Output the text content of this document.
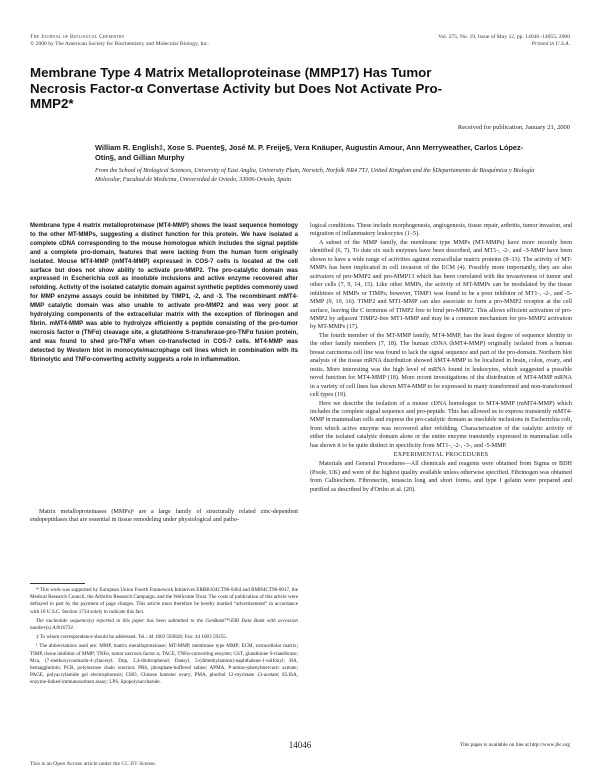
The Journal of Biological Chemistry
© 2000 by The American Society for Biochemistry and Molecular Biology, Inc.
Vol. 275, No. 19, Issue of May 12, pp. 14046–14055, 2000
Printed in U.S.A.
Membrane Type 4 Matrix Metalloproteinase (MMP17) Has Tumor Necrosis Factor-α Convertase Activity but Does Not Activate Pro-MMP2*
Received for publication, January 21, 2000
William R. English‡, Xose S. Puente§, José M. P. Freije§, Vera Knäuper, Augustin Amour, Ann Merryweather, Carlos López-Otín§, and Gillian Murphy
From the School of Biological Sciences, University of East Anglia, University Plain, Norwich, Norfolk NR4 7TJ, United Kingdom and the §Departamento de Bioquímica y Biología Molecular, Facultad de Medicina, Universidad de Oviedo, 33006-Oviedo, Spain
Membrane type 4 matrix metalloproteinase (MT4-MMP) shows the least sequence homology to the other MT-MMPs, suggesting a distinct function for this protein. We have isolated a complete cDNA corresponding to the mouse homologue which includes the signal peptide and a complete pro-domain, features that were lacking from the human form originally isolated. Mouse MT4-MMP (mMT4-MMP) expressed in COS-7 cells is located at the cell surface but does not show ability to activate pro-MMP2. The pro-catalytic domain was expressed in Escherichia coli as insoluble inclusions and active enzyme recovered after refolding. Activity of the isolated catalytic domain against synthetic peptides commonly used for MMP enzyme assays could be inhibited by TIMP1, -2, and -3. The recombinant mMT4-MMP catalytic domain was also unable to activate pro-MMP2 and was very poor at hydrolyzing components of the extracellular matrix with the exception of fibrinogen and fibrin. mMT4-MMP was able to hydrolyze efficiently a peptide consisting of the pro-tumor necrosis factor α (TNFα) cleavage site, a glutathione S-transferase-pro-TNFα fusion protein, and was found to shed pro-TNFα when co-transfected in COS-7 cells. MT4-MMP was detected by Western blot in monocyte/macrophage cell lines which in combination with its fibrinolytic and TNFα-converting activity suggests a role in inflammation.

Matrix metalloproteinases (MMPs)¹ are a large family of structurally related zinc-dependent endopeptidases that are essential in tissue remodeling under physiological and patho-

* This work was supported by European Union Fourth Framework Initiatives ERBB104CT96-0464 and BMH4CT96-0017, the Medical Research Council, the Arthritis Research Campaign, and the Wellcome Trust. The costs of publication of this article were defrayed in part by the payment of page charges. This article must therefore be hereby marked “advertisement” in accordance with 18 U.S.C. Section 1734 solely to indicate this fact.

The nucleotide sequence(s) reported in this paper has been submitted to the GenBank™/EBI Data Bank with accession number(s) AJ010731.

‡ To whom correspondence should be addressed. Tel.: 44 1603 593828; Fax: 44 1603 59255.

¹ The abbreviations used are: MMP, matrix metalloproteinase; MT-MMP, membrane type MMP; ECM, extracellular matrix; TIMP, tissue inhibitor of MMP; TNFα, tumor necrosis factor α; TACE, TNFα-converting enzyme; GST, glutathione S-transferase; Mca, (7-methoxycoumarin-4-yl)acetyl; Dnp, 2,4-dinitrophenol; Dansyl, 5-(dimethylamino)-naphthalene-1-sulfonyl; HA, hemagglutinin; PCR, polymerase chain reaction; PBS, phosphate-buffered saline; APMA, P-amino-phenylmercuric acetate; PAGE, polyacrylamide gel electrophoresis; CHO, Chinese hamster ovary; PMA, phorbol 12-myristate 13-acetate; ELISA, enzyme-linked immunosorbent assay; LPS, lipopolysaccharide.

logical conditions. These include morphogenesis, angiogenesis, tissue repair, arthritis, tumor invasion, and migration of inflammatory leukocytes (1–5).

A subset of the MMP family, the membrane type MMPs (MT-MMPs) have more recently been identified (6, 7). To date six such enzymes have been described, and MT1-, -2-, and -3-MMP have been shown to have a wide range of activities against extracellular matrix proteins (8–13). The activity of MT-MMPs has been implicated in cell invasion of the ECM (4). Possibly more importantly, they are also activators of pro-MMP2 and pro-MMP13 which has been correlated with the invasiveness of tumor and other cells (7, 9, 14, 15). Like other MMPs, the activity of MT-MMPs can be modulated by the tissue inhibitors of MMPs or TIMPs; however, TIMP1 was found to be a poor inhibitor of MT1-, -2-, and -5-MMP (9, 10, 16). TIMP2 and MT1-MMP can also associate to form a pro-MMP2 receptor at the cell surface, leaving the C terminus of TIMP2 free to bind pro-MMP2. This allows efficient activation of pro-MMP2 by adjacent TIMP2-free MT1-MMP and may be a common mechanism for pro-MMP2 activation by MT-MMPs (17).

The fourth member of the MT-MMP family, MT4-MMP, has the least degree of sequence identity to the other family members (7, 18). The human cDNA (hMT4-MMP) originally isolated from a human breast carcinoma cell line was found to lack the signal sequence and part of the pro-domain. Northern blot analysis of the tissue mRNA distribution showed hMT4-MMP to be localized in brain, colon, ovary, and testis. More interesting was the high level of mRNA found in leukocytes, which suggested a possible novel function for MT4-MMP (18). More recent investigations of the distribution of MT4-MMP mRNA in a variety of cell lines has shown MT4-MMP to be expressed in many transformed and non-transformed cell types (19).

Here we describe the isolation of a mouse cDNA homologue to MT4-MMP (mMT4-MMP) which includes the complete signal sequence and pro-peptide. This has allowed us to express transiently mMT4-MMP in mammalian cells and express the pro-catalytic domain as insoluble inclusions in Escherichia coli, from which active enzyme was recovered after refolding. Characterization of the catalytic activity of either the isolated catalytic domain alone or the entire enzyme transiently expressed in mammalian cells has shown it to be quite distinct in specificity from MT1-, -2-, -3-, and -5-MMP.

EXPERIMENTAL PROCEDURES

Materials and General Procedures—All chemicals and reagents were obtained from Sigma or BDH (Poole, UK) and were of the highest quality available unless otherwise specified. Fibrinogen was obtained from Calbiochem. Fibronectin, tenascin long and short forms, and type I gelatin were prepared and purified as described by d'Ortho et al. (20).

14046	This paper is available on line at http://www.jbc.org
This is an Open Access article under the CC BY license.
